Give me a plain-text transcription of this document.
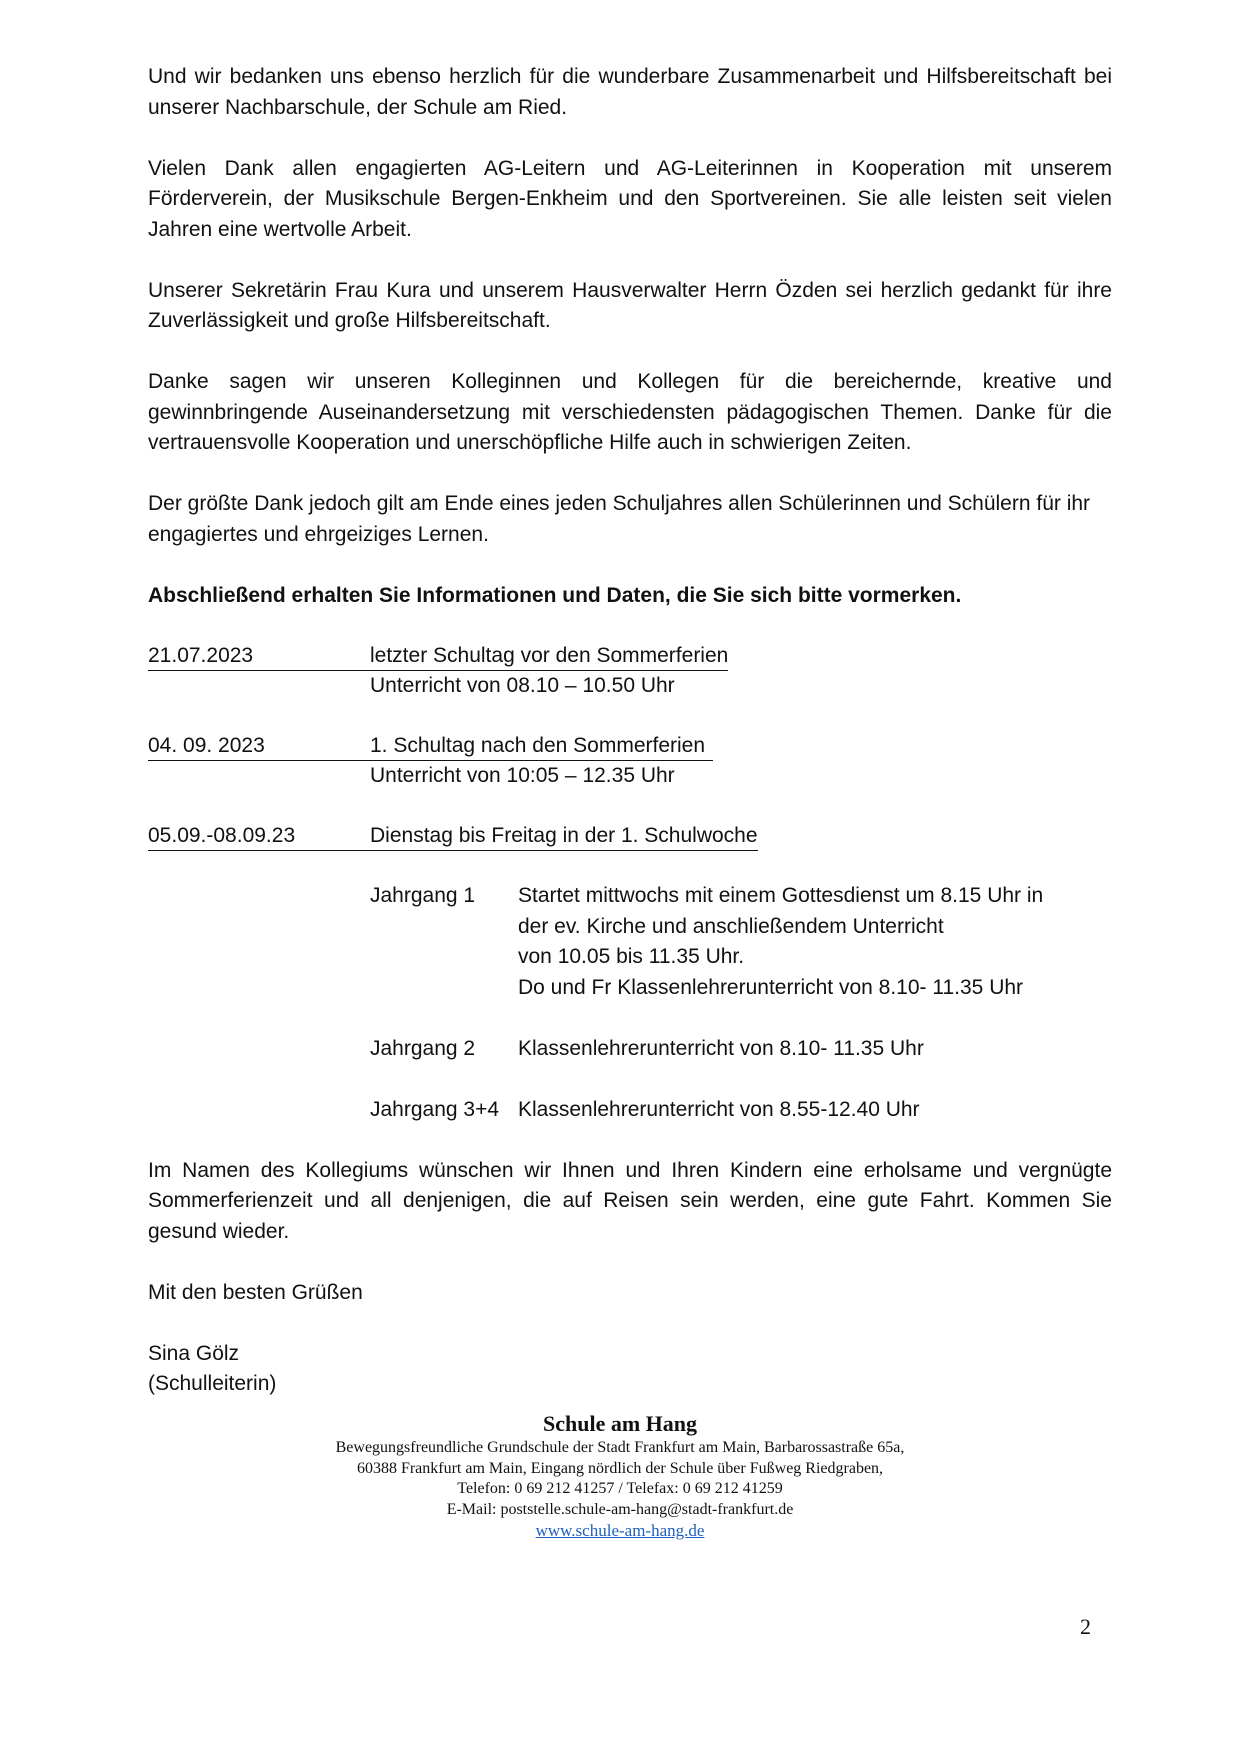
Und wir bedanken uns ebenso herzlich für die wunderbare Zusammenarbeit und Hilfsbereitschaft bei unserer Nachbarschule, der Schule am Ried.

Vielen Dank allen engagierten AG-Leitern und AG-Leiterinnen in Kooperation mit unserem Förderverein, der Musikschule Bergen-Enkheim und den Sportvereinen. Sie alle leisten seit vielen Jahren eine wertvolle Arbeit.

Unserer Sekretärin Frau Kura und unserem Hausverwalter Herrn Özden sei herzlich gedankt für ihre Zuverlässigkeit und große Hilfsbereitschaft.

Danke sagen wir unseren Kolleginnen und Kollegen für die bereichernde, kreative und gewinnbringende Auseinandersetzung mit verschiedensten pädagogischen Themen. Danke für die vertrauensvolle Kooperation und unerschöpfliche Hilfe auch in schwierigen Zeiten.

Der größte Dank jedoch gilt am Ende eines jeden Schuljahres allen Schülerinnen und Schülern für ihr engagiertes und ehrgeiziges Lernen.

Abschließend erhalten Sie Informationen und Daten, die Sie sich bitte vormerken.

21.07.2023	letzter Schultag vor den Sommerferien
Unterricht von 08.10 – 10.50 Uhr
04. 09. 2023	1. Schultag nach den Sommerferien
Unterricht von 10:05 – 12.35 Uhr
05.09.-08.09.23	Dienstag bis Freitag in der 1. Schulwoche
Jahrgang 1	Startet mittwochs mit einem Gottesdienst um 8.15 Uhr in
der ev. Kirche und anschließendem Unterricht
von 10.05 bis 11.35 Uhr.
Do und Fr Klassenlehrerunterricht von 8.10- 11.35 Uhr
Jahrgang 2	Klassenlehrerunterricht von 8.10- 11.35 Uhr
Jahrgang 3+4 Klassenlehrerunterricht von 8.55-12.40 Uhr

Im Namen des Kollegiums wünschen wir Ihnen und Ihren Kindern eine erholsame und vergnügte Sommerferienzeit und all denjenigen, die auf Reisen sein werden, eine gute Fahrt. Kommen Sie gesund wieder.

Mit den besten Grüßen

Sina Gölz
(Schulleiterin)
Schule am Hang
Bewegungsfreundliche Grundschule der Stadt Frankfurt am Main, Barbarossastraße 65a,
60388 Frankfurt am Main, Eingang nördlich der Schule über Fußweg Riedgraben,
Telefon: 0 69 212 41257 / Telefax: 0 69 212 41259
E-Mail: poststelle.schule-am-hang@stadt-frankfurt.de
www.schule-am-hang.de
2
